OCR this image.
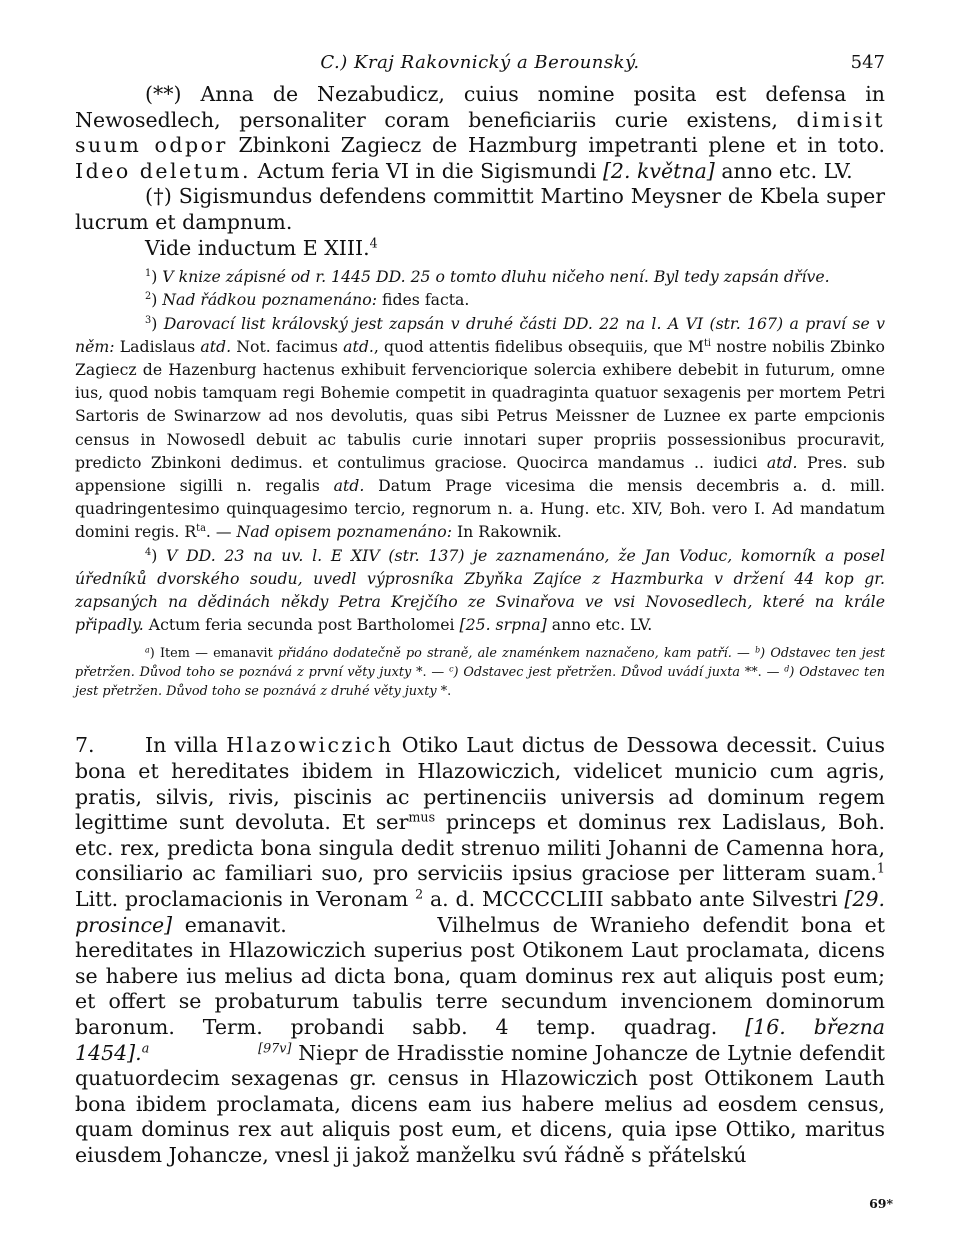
C.) Kraj Rakovnický a Berounský.	547

(**) Anna de Nezabudicz, cuius nomine posita est defensa in Newosedlech, personaliter coram beneficiariis curie existens, dimisit suum odpor Zbinkoni Zagiecz de Hazmburg impetranti plene et in toto. Ideo deletum. Actum feria VI in die Sigismundi [2. května] anno etc. LV.

(†) Sigismundus defendens committit Martino Meysner de Kbela super lucrum et dampnum.

Vide inductum E XIII.$^4$

$^1$) V knize zápisné od r. 1445 DD. 25 o tomto dluhu ničeho není. Byl tedy zapsán dříve.

$^2$) Nad řádkou poznamenáno: fides facta.

$^3$) Darovací list královský jest zapsán v druhé části DD. 22 na l. A VI (str. 167) a praví se v něm: Ladislaus atd. Not. facimus atd., quod attentis fidelibus obsequiis, que $M^{ti}$ nostre nobilis Zbinko Zagiecz de Hazenburg hactenus exhibuit fervenciorique solercia exhibere debebit in futurum, omne ius, quod nobis tamquam regi Bohemie competit in quadraginta quatuor sexagenis per mortem Petri Sartoris de Swinarzow ad nos devolutis, quas sibi Petrus Meissner de Luznee ex parte empcionis census in Nowosedl debuit ac tabulis curie innotari super propriis possessionibus procuravit, predicto Zbinkoni dedimus. et contulimus graciose. Quocirca mandamus .. iudici atd. Pres. sub appensione sigilli n. regalis atd. Datum Prage vicesima die mensis decembris a. d. mill. quadringentesimo quinquagesimo tercio, regnorum n. a. Hung. etc. XIV, Boh. vero I. Ad mandatum domini regis. $R^{ta}$. — Nad opisem poznamenáno: In Rakownik.

$^4$) V DD. 23 na uv. l. E XIV (str. 137) je zaznamenáno, že Jan Voduc, komorník a posel úředníků dvorského soudu, uvedl výprosníka Zbyňka Zajíce z Hazmburka v držení 44 kop gr. zapsaných na dědinách někdy Petra Krejčího ze Svinařova ve vsi Novosedlech, které na krále připadly. Actum feria secunda post Bartholomei [25. srpna] anno etc. LV.

$^a$) Item — emanavit přidáno dodatečně po straně, ale znaménkem naznačeno, kam patří. — $^b$) Odstavec ten jest přetržen. Důvod toho se poznává z první věty juxty *. — $^c$) Odstavec jest přetržen. Důvod uvádí juxta **. — $^d$) Odstavec ten jest přetržen. Důvod toho se poznává z druhé věty juxty *.

7. In villa Hlazowiczich Otiko Laut dictus de Dessowa decessit. Cuius bona et hereditates ibidem in Hlazowiczich, videlicet municio cum agris, pratis, silvis, rivis, piscinis ac pertinenciis universis ad dominum regem legittime sunt devoluta. Et ser$^{mus}$ princeps et dominus rex Ladislaus, Boh. etc. rex, predicta bona singula dedit strenuo militi Johanni de Camenna hora, consiliario ac familiari suo, pro serviciis ipsius graciose per litteram suam.$^1$ Litt. proclamacionis in Veronam $^2$ a. d. MCCCCLIII sabbato ante Silvestri [29. prosince] emanavit.	Vilhelmus de Wranieho defendit bona et hereditates in Hlazowiczich superius post Otikonem Laut proclamata, dicens se habere ius melius ad dicta bona, quam dominus rex aut aliquis post eum; et offert se probaturum tabulis terre secundum invencionem dominorum baronum. Term. probandi sabb. 4 temp. quadrag. [16. března 1454].$^a$	[97v] Niepr de Hradisstie nomine Johancze de Lytnie defendit quatuordecim sexagenas gr. census in Hlazowiczich post Ottikonem Lauth bona ibidem proclamata, dicens eam ius habere melius ad eosdem census, quam dominus rex aut aliquis post eum, et dicens, quia ipse Ottiko, maritus eiusdem Johancze, vnesl ji jakož manželku svú řádně s přátelskú

69*
